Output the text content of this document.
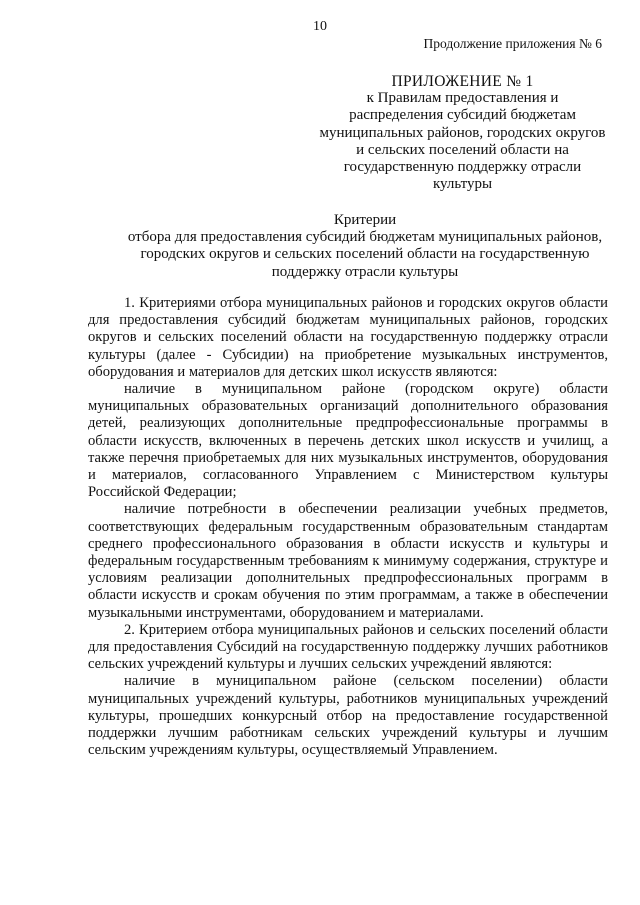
10
Продолжение приложения № 6
ПРИЛОЖЕНИЕ № 1
к Правилам предоставления и
распределения субсидий бюджетам
муниципальных районов, городских округов
и сельских поселений области на
государственную поддержку отрасли
культуры
Критерии
отбора для предоставления субсидий бюджетам муниципальных районов,
городских округов и сельских поселений области на государственную
поддержку отрасли культуры

1. Критериями отбора муниципальных районов и городских округов области для предоставления субсидий бюджетам муниципальных районов, городских округов и сельских поселений области на государственную поддержку отрасли культуры (далее - Субсидии) на приобретение музыкальных инструментов, оборудования и материалов для детских школ искусств являются:

наличие в муниципальном районе (городском округе) области муниципальных образовательных организаций дополнительного образования детей, реализующих дополнительные предпрофессиональные программы в области искусств, включенных в перечень детских школ искусств и училищ, а также перечня приобретаемых для них музыкальных инструментов, оборудования и материалов, согласованного Управлением с Министерством культуры Российской Федерации;

наличие потребности в обеспечении реализации учебных предметов, соответствующих федеральным государственным образовательным стандартам среднего профессионального образования в области искусств и культуры и федеральным государственным требованиям к минимуму содержания, структуре и условиям реализации дополнительных предпрофессиональных программ в области искусств и срокам обучения по этим программам, а также в обеспечении музыкальными инструментами, оборудованием и материалами.

2. Критерием отбора муниципальных районов и сельских поселений области для предоставления Субсидий на государственную поддержку лучших работников сельских учреждений культуры и лучших сельских учреждений являются:

наличие в муниципальном районе (сельском поселении) области муниципальных учреждений культуры, работников муниципальных учреждений культуры, прошедших конкурсный отбор на предоставление государственной поддержки лучшим работникам сельских учреждений культуры и лучшим сельским учреждениям культуры, осуществляемый Управлением.
